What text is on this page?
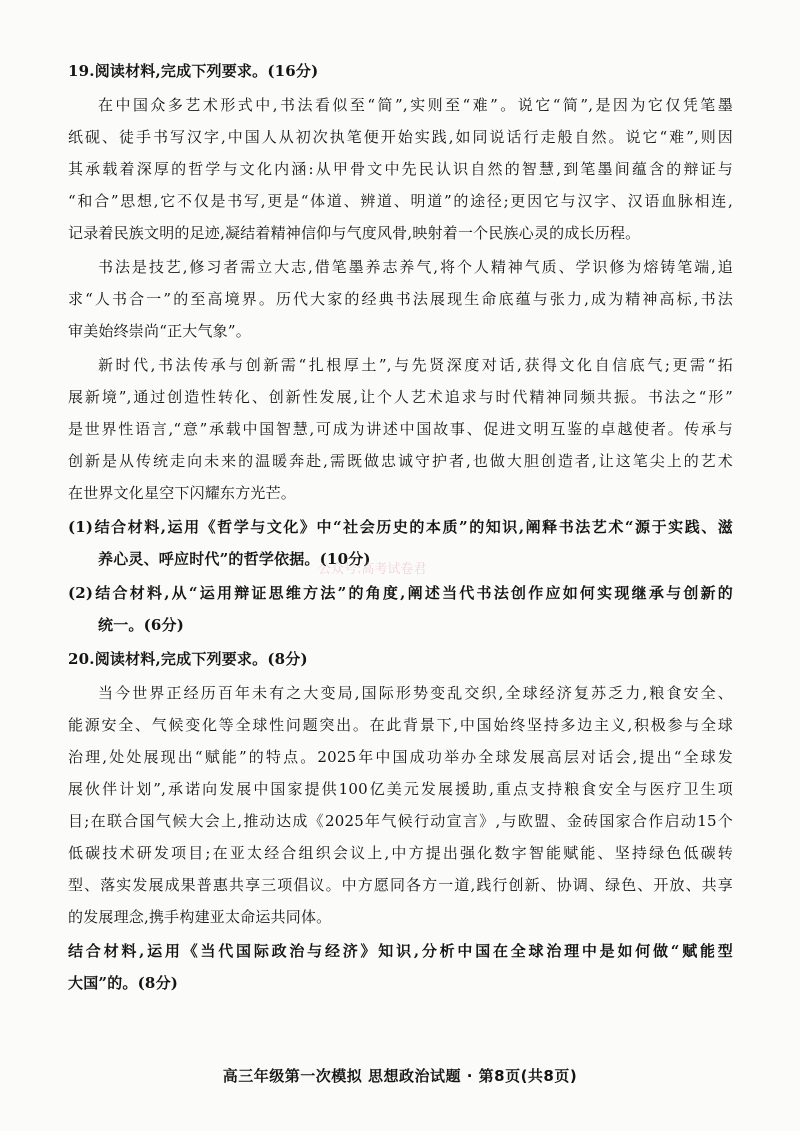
19.阅读材料,完成下列要求。(16分)
在中国众多艺术形式中,书法看似至“简”,实则至“难”。说它“简”,是因为它仅凭笔墨
纸砚、徒手书写汉字,中国人从初次执笔便开始实践,如同说话行走般自然。说它“难”,则因
其承载着深厚的哲学与文化内涵:从甲骨文中先民认识自然的智慧,到笔墨间蕴含的辩证与
“和合”思想,它不仅是书写,更是“体道、辨道、明道”的途径;更因它与汉字、汉语血脉相连,
记录着民族文明的足迹,凝结着精神信仰与气度风骨,映射着一个民族心灵的成长历程。
书法是技艺,修习者需立大志,借笔墨养志养气,将个人精神气质、学识修为熔铸笔端,追
求“人书合一”的至高境界。历代大家的经典书法展现生命底蕴与张力,成为精神高标,书法
审美始终崇尚“正大气象”。
新时代,书法传承与创新需“扎根厚土”,与先贤深度对话,获得文化自信底气;更需“拓
展新境”,通过创造性转化、创新性发展,让个人艺术追求与时代精神同频共振。书法之“形”
是世界性语言,“意”承载中国智慧,可成为讲述中国故事、促进文明互鉴的卓越使者。传承与
创新是从传统走向未来的温暖奔赴,需既做忠诚守护者,也做大胆创造者,让这笔尖上的艺术
在世界文化星空下闪耀东方光芒。
(1)结合材料,运用《哲学与文化》中“社会历史的本质”的知识,阐释书法艺术“源于实践、滋
养心灵、呼应时代”的哲学依据。(10分)
公众号:高考试卷君
(2)结合材料,从“运用辩证思维方法”的角度,阐述当代书法创作应如何实现继承与创新的
统一。(6分)
20.阅读材料,完成下列要求。(8分)
当今世界正经历百年未有之大变局,国际形势变乱交织,全球经济复苏乏力,粮食安全、
能源安全、气候变化等全球性问题突出。在此背景下,中国始终坚持多边主义,积极参与全球
治理,处处展现出“赋能”的特点。2025年中国成功举办全球发展高层对话会,提出“全球发
展伙伴计划”,承诺向发展中国家提供100亿美元发展援助,重点支持粮食安全与医疗卫生项
目;在联合国气候大会上,推动达成《2025年气候行动宣言》,与欧盟、金砖国家合作启动15个
低碳技术研发项目;在亚太经合组织会议上,中方提出强化数字智能赋能、坚持绿色低碳转
型、落实发展成果普惠共享三项倡议。中方愿同各方一道,践行创新、协调、绿色、开放、共享
的发展理念,携手构建亚太命运共同体。
结合材料,运用《当代国际政治与经济》知识,分析中国在全球治理中是如何做“赋能型
大国”的。(8分)
高三年级第一次模拟 思想政治试题 · 第8页(共8页)
